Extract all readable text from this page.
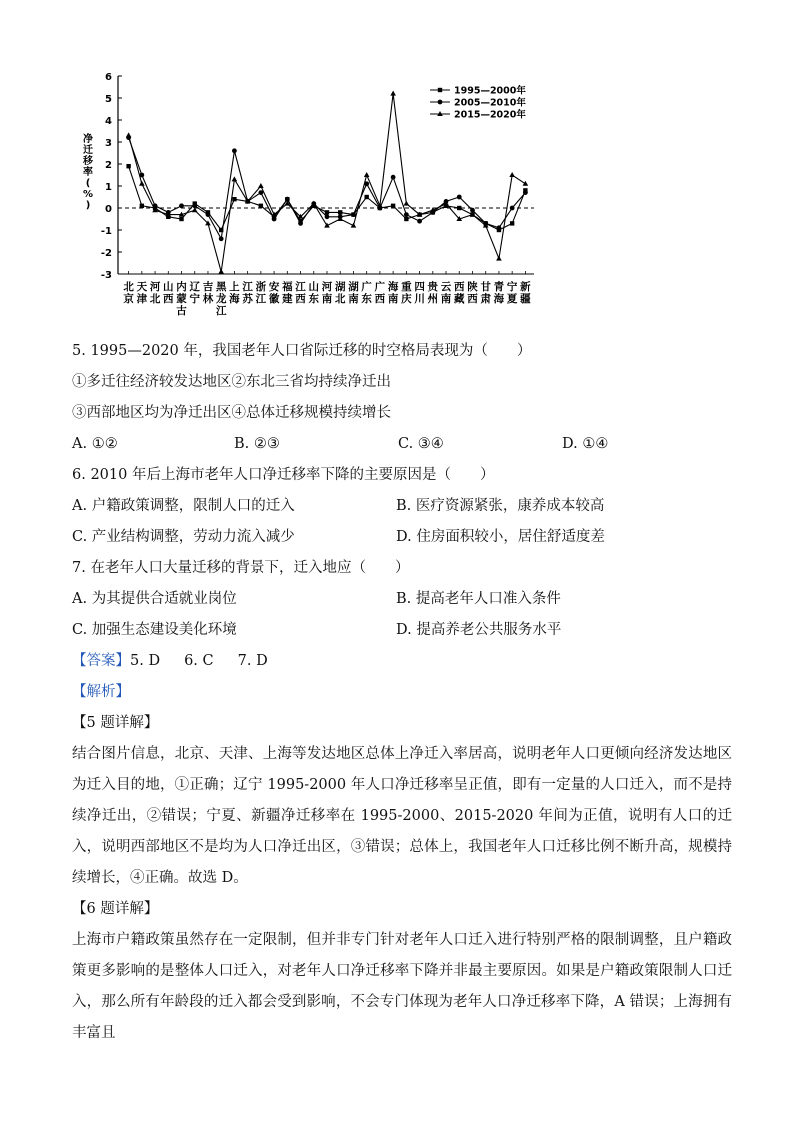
6
5
4
3
2
1
0
-1
-2
-3
净迁移率( % )
北京
天津
河北
山西
内蒙古
辽宁
吉林
黑龙江
上海
江苏
浙江
安徽
福建
江西
山东
河南
湖北
湖南
广东
广西
海南
重庆
四川
贵州
云南
西藏
陕西
甘肃
青海
宁夏
新疆
1995—2000年
2005—2010年
2015—2020年
5. 1995—2020 年，我国老年人口省际迁移的时空格局表现为（　　）
①多迁往经济较发达地区②东北三省均持续净迁出
③西部地区均为净迁出区④总体迁移规模持续增长
A. ①②	B. ②③	C. ③④	D. ①④
6. 2010 年后上海市老年人口净迁移率下降的主要原因是（　　）
A. 户籍政策调整，限制人口的迁入	B. 医疗资源紧张，康养成本较高
C. 产业结构调整，劳动力流入减少	D. 住房面积较小，居住舒适度差
7. 在老年人口大量迁移的背景下，迁入地应（　　）
A. 为其提供合适就业岗位	B. 提高老年人口准入条件
C. 加强生态建设美化环境	D. 提高养老公共服务水平
【答案】 5. D 6. C 7. D
【解析】
【5 题详解】

结合图片信息，北京、天津、上海等发达地区总体上净迁入率居高，说明老年人口更倾向经济发达地区为迁入目的地，①正确；辽宁 1995-2000 年人口净迁移率呈正值，即有一定量的人口迁入，而不是持续净迁出，②错误；宁夏、新疆净迁移率在 1995-2000、2015-2020 年间为正值，说明有人口的迁入，说明西部地区不是均为人口净迁出区，③错误；总体上，我国老年人口迁移比例不断升高，规模持续增长，④正确。故选 D。

【6 题详解】

上海市户籍政策虽然存在一定限制，但并非专门针对老年人口迁入进行特别严格的限制调整，且户籍政策更多影响的是整体人口迁入，对老年人口净迁移率下降并非最主要原因。如果是户籍政策限制人口迁入，那么所有年龄段的迁入都会受到影响，不会专门体现为老年人口净迁移率下降，A 错误；上海拥有丰富且
